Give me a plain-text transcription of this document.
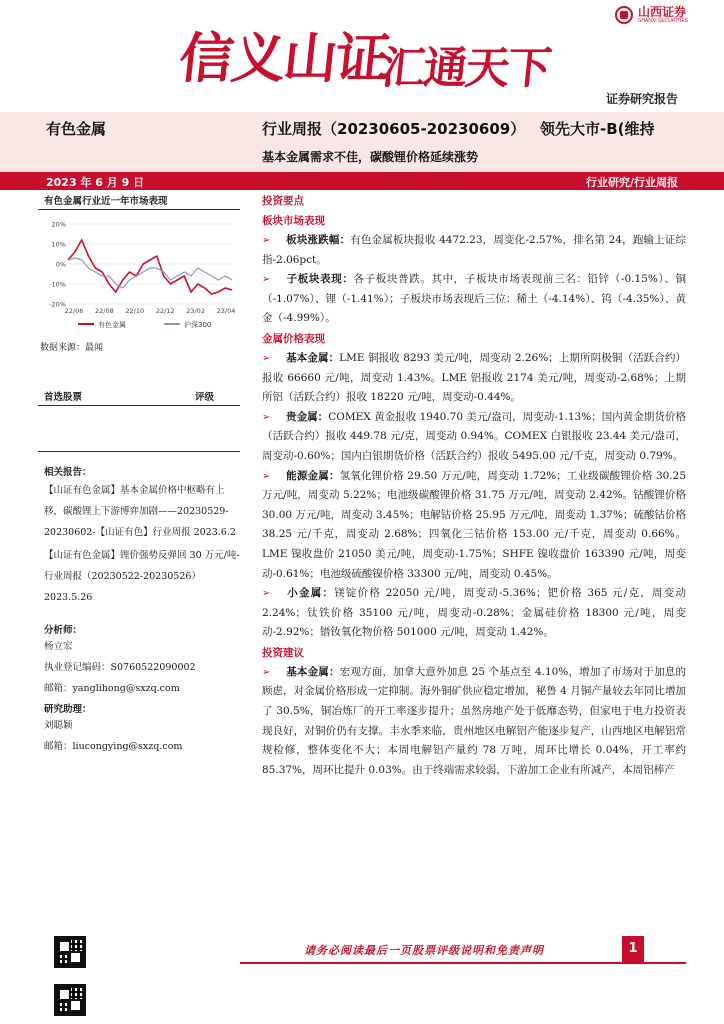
信义山证
汇通天下
山西证券
SHANXI SECURITIES
证券研究报告
有色金属	行业周报（20230605-20230609） 领先大市-B(维持
基本金属需求不佳，碳酸锂价格延续涨势
2023 年 6 月 9 日	行业研究/行业周报
有色金属行业近一年市场表现
20%
10%
0%
-10%
-20%
22/06 22/08 22/10 22/12 23/02 23/04
有色金属	沪深300
数据来源：最闻
首选股票	评级
相关报告：
【山证有色金属】基本金属价格中枢略有上移，碳酸锂上下游博弈加剧——20230529-20230602-【山证有色】行业周报 2023.6.2
【山证有色金属】锂价强势反弹回 30 万元/吨-行业周报（20230522-20230526）2023.5.26
分析师：
杨立宏
执业登记编码：S0760522090002
邮箱：yanglihong@sxzq.com
研究助理：
刘聪颖
邮箱：liucongying@sxzq.com
投资要点
板块市场表现

➢ 板块涨跌幅：有色金属板块报收 4472.23，周变化-2.57%，排名第 24，跑输上证综指-2.06pct。

➢ 子板块表现：各子板块普跌。其中，子板块市场表现前三名：铅锌（-0.15%）、铜（-1.07%）、锂（-1.41%）；子板块市场表现后三位：稀土（-4.14%）、钨（-4.35%）、黄金（-4.99%）。

金属价格表现

➢ 基本金属：LME 铜报收 8293 美元/吨，周变动 2.26%；上期所阴极铜（活跃合约）报收 66660 元/吨，周变动 1.43%。LME 铝报收 2174 美元/吨，周变动-2.68%；上期所铝（活跃合约）报收 18220 元/吨，周变动-0.44%。

➢ 贵金属：COMEX 黄金报收 1940.70 美元/盎司，周变动-1.13%；国内黄金期货价格（活跃合约）报收 449.78 元/克，周变动 0.94%。COMEX 白银报收 23.44 美元/盎司，周变动-0.60%；国内白银期货价格（活跃合约）报收 5495.00 元/千克，周变动 0.79%。

➢ 能源金属：氢氧化锂价格 29.50 万元/吨，周变动 1.72%；工业级碳酸锂价格 30.25 万元/吨，周变动 5.22%；电池级碳酸锂价格 31.75 万元/吨，周变动 2.42%。钴酸锂价格 30.00 万元/吨，周变动 3.45%；电解钴价格 25.95 万元/吨，周变动 1.37%；硫酸钴价格 38.25 元/千克，周变动 2.68%；四氧化三钴价格 153.00 元/千克，周变动 0.66%。LME 镍收盘价 21050 美元/吨，周变动-1.75%；SHFE 镍收盘价 163390 元/吨，周变动-0.61%；电池级硫酸镍价格 33300 元/吨，周变动 0.45%。

➢ 小金属：镁锭价格 22050 元/吨，周变动-5.36%；钯价格 365 元/克，周变动 2.24%；钛铁价格 35100 元/吨，周变动-0.28%；金属硅价格 18300 元/吨，周变动-2.92%；镨钕氧化物价格 501000 元/吨，周变动 1.42%。

投资建议

➢ 基本金属：宏观方面，加拿大意外加息 25 个基点至 4.10%，增加了市场对于加息的顾虑，对金属价格形成一定抑制。海外铜矿供应稳定增加，秘鲁 4 月铜产量较去年同比增加了 30.5%，铜冶炼厂的开工率逐步提升；虽然房地产处于低靡态势，但家电于电力投资表现良好，对铜价仍有支撑。丰水季来临，贵州地区电解铝产能逐步复产，山西地区电解铝常规检修，整体变化不大；本周电解铝产量约 78 万吨，周环比增长 0.04%，开工率约 85.37%，周环比提升 0.03%。由于终端需求较弱，下游加工企业有所减产，本周铝棒产

请务必阅读最后一页股票评级说明和免责声明	1
